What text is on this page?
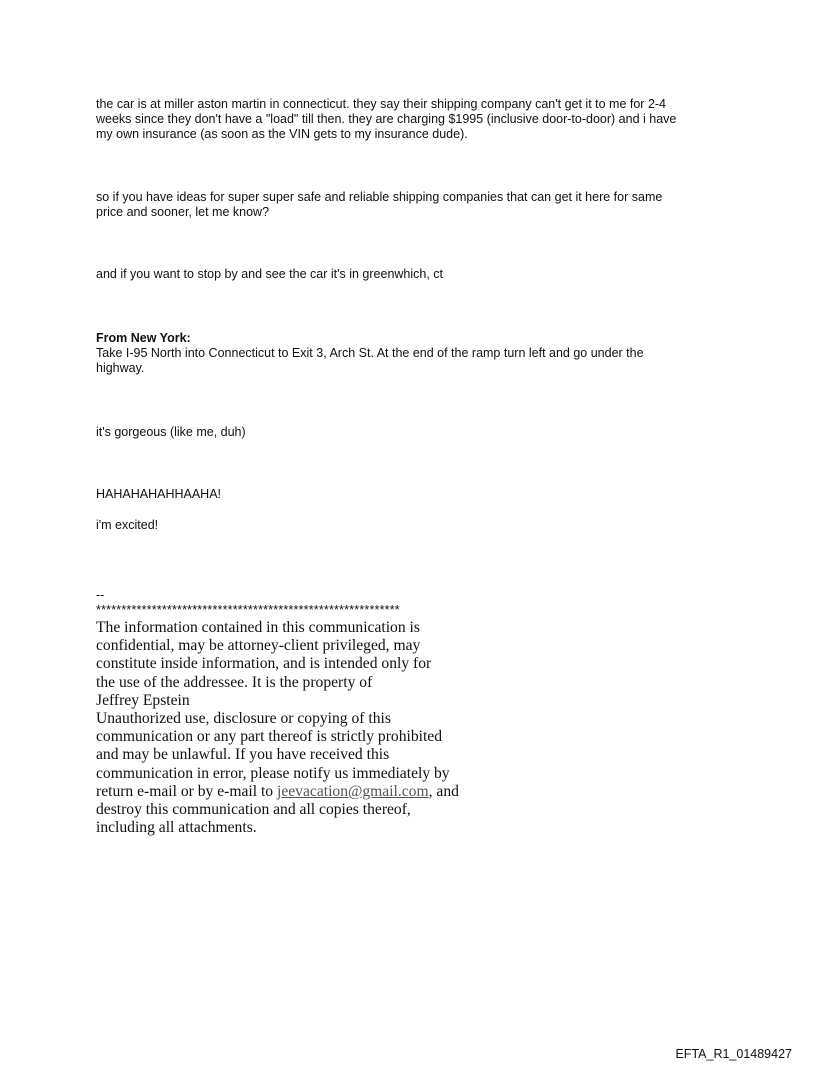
the car is at miller aston martin in connecticut. they say their shipping company can't get it to me for 2-4
weeks since they don't have a "load" till then. they are charging $1995 (inclusive door-to-door) and i have
my own insurance (as soon as the VIN gets to my insurance dude).

so if you have ideas for super super safe and reliable shipping companies that can get it here for same
price and sooner, let me know?

and if you want to stop by and see the car it's in greenwhich, ct

From New York:

Take I-95 North into Connecticut to Exit 3, Arch St. At the end of the ramp turn left and go under the
highway.

it's gorgeous (like me, duh)

HAHAHAHAHHAAHA!

i'm excited!

--

************************************************************

The information contained in this communication is
confidential, may be attorney-client privileged, may
constitute inside information, and is intended only for
the use of the addressee. It is the property of
Jeffrey Epstein
Unauthorized use, disclosure or copying of this
communication or any part thereof is strictly prohibited
and may be unlawful. If you have received this
communication in error, please notify us immediately by
return e-mail or by e-mail to jeevacation@gmail.com, and
destroy this communication and all copies thereof,
including all attachments.
EFTA_R1_01489427
